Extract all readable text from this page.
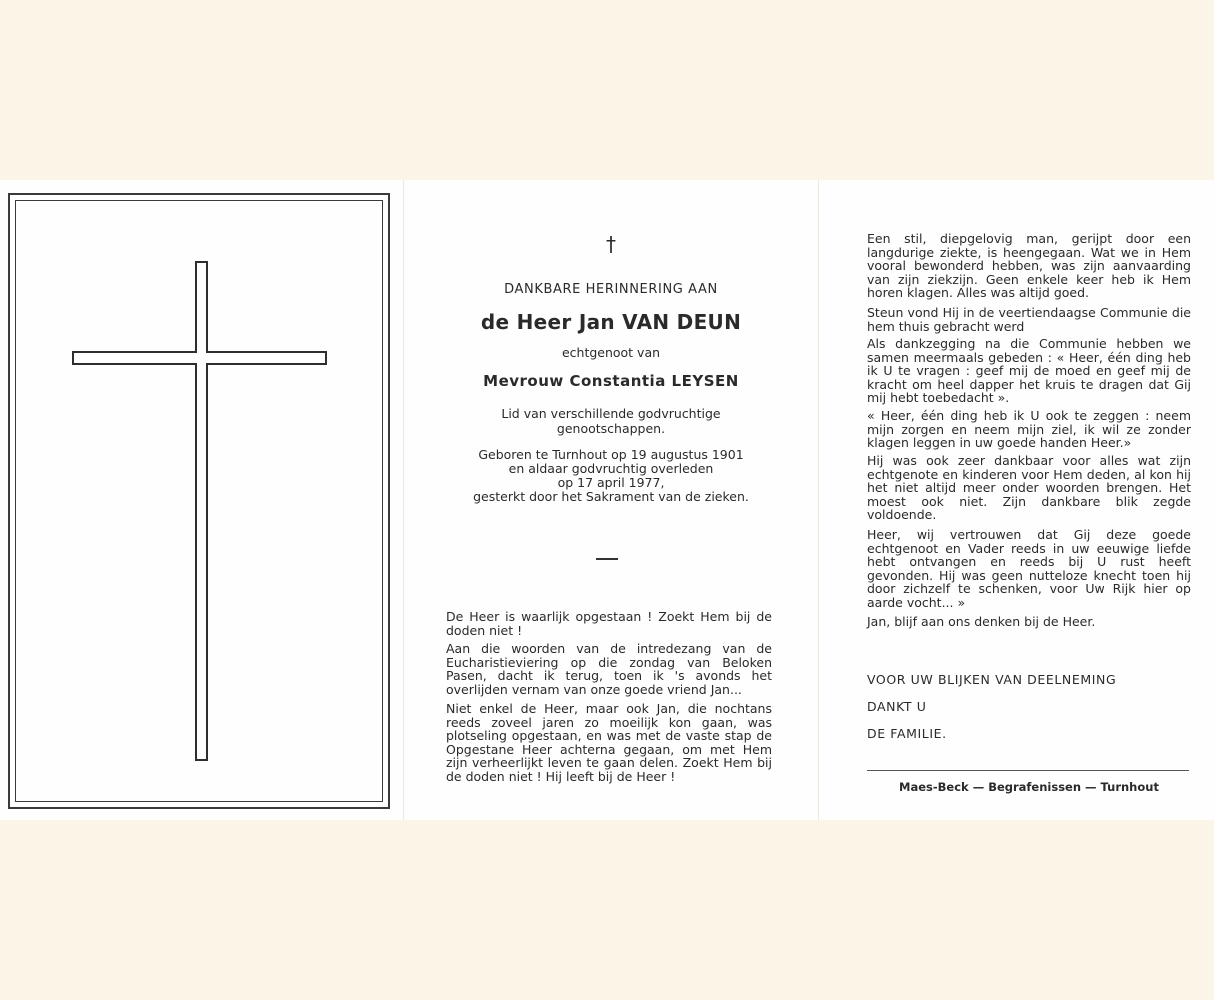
†
DANKBARE HERINNERING AAN
de Heer Jan VAN DEUN
echtgenoot van
Mevrouw Constantia LEYSEN
Lid van verschillende godvruchtige
genootschappen.
Geboren te Turnhout op 19 augustus 1901
en aldaar godvruchtig overleden
op 17 april 1977,
gesterkt door het Sakrament van de zieken.

De Heer is waarlijk opgestaan ! Zoekt Hem bij de doden niet !

Aan die woorden van de intredezang van de Eucharistieviering op die zondag van Beloken Pasen, dacht ik terug, toen ik 's avonds het overlijden vernam van onze goede vriend Jan...

Niet enkel de Heer, maar ook Jan, die nochtans reeds zoveel jaren zo moeilijk kon gaan, was plotseling opgestaan, en was met de vaste stap de Opgestane Heer achterna gegaan, om met Hem zijn verheerlijkt leven te gaan delen. Zoekt Hem bij de doden niet ! Hij leeft bij de Heer !

Een stil, diepgelovig man, gerijpt door een langdurige ziekte, is heengegaan. Wat we in Hem vooral bewonderd hebben, was zijn aanvaarding van zijn ziekzijn. Geen enkele keer heb ik Hem horen klagen. Alles was altijd goed.

Steun vond Hij in de veertiendaagse Communie die hem thuis gebracht werd

Als dankzegging na die Communie hebben we samen meermaals gebeden : « Heer, één ding heb ik U te vragen : geef mij de moed en geef mij de kracht om heel dapper het kruis te dragen dat Gij mij hebt toebedacht ».

« Heer, één ding heb ik U ook te zeggen : neem mijn zorgen en neem mijn ziel, ik wil ze zonder klagen leggen in uw goede handen Heer.»

Hij was ook zeer dankbaar voor alles wat zijn echtgenote en kinderen voor Hem deden, al kon hij het niet altijd meer onder woorden brengen. Het moest ook niet. Zijn dankbare blik zegde voldoende.

Heer, wij vertrouwen dat Gij deze goede echtgenoot en Vader reeds in uw eeuwige liefde hebt ontvangen en reeds bij U rust heeft gevonden. Hij was geen nutteloze knecht toen hij door zichzelf te schenken, voor Uw Rijk hier op aarde vocht... »

Jan, blijf aan ons denken bij de Heer.

VOOR UW BLIJKEN VAN DEELNEMING
DANKT U
DE FAMILIE.
Maes-Beck — Begrafenissen — Turnhout
